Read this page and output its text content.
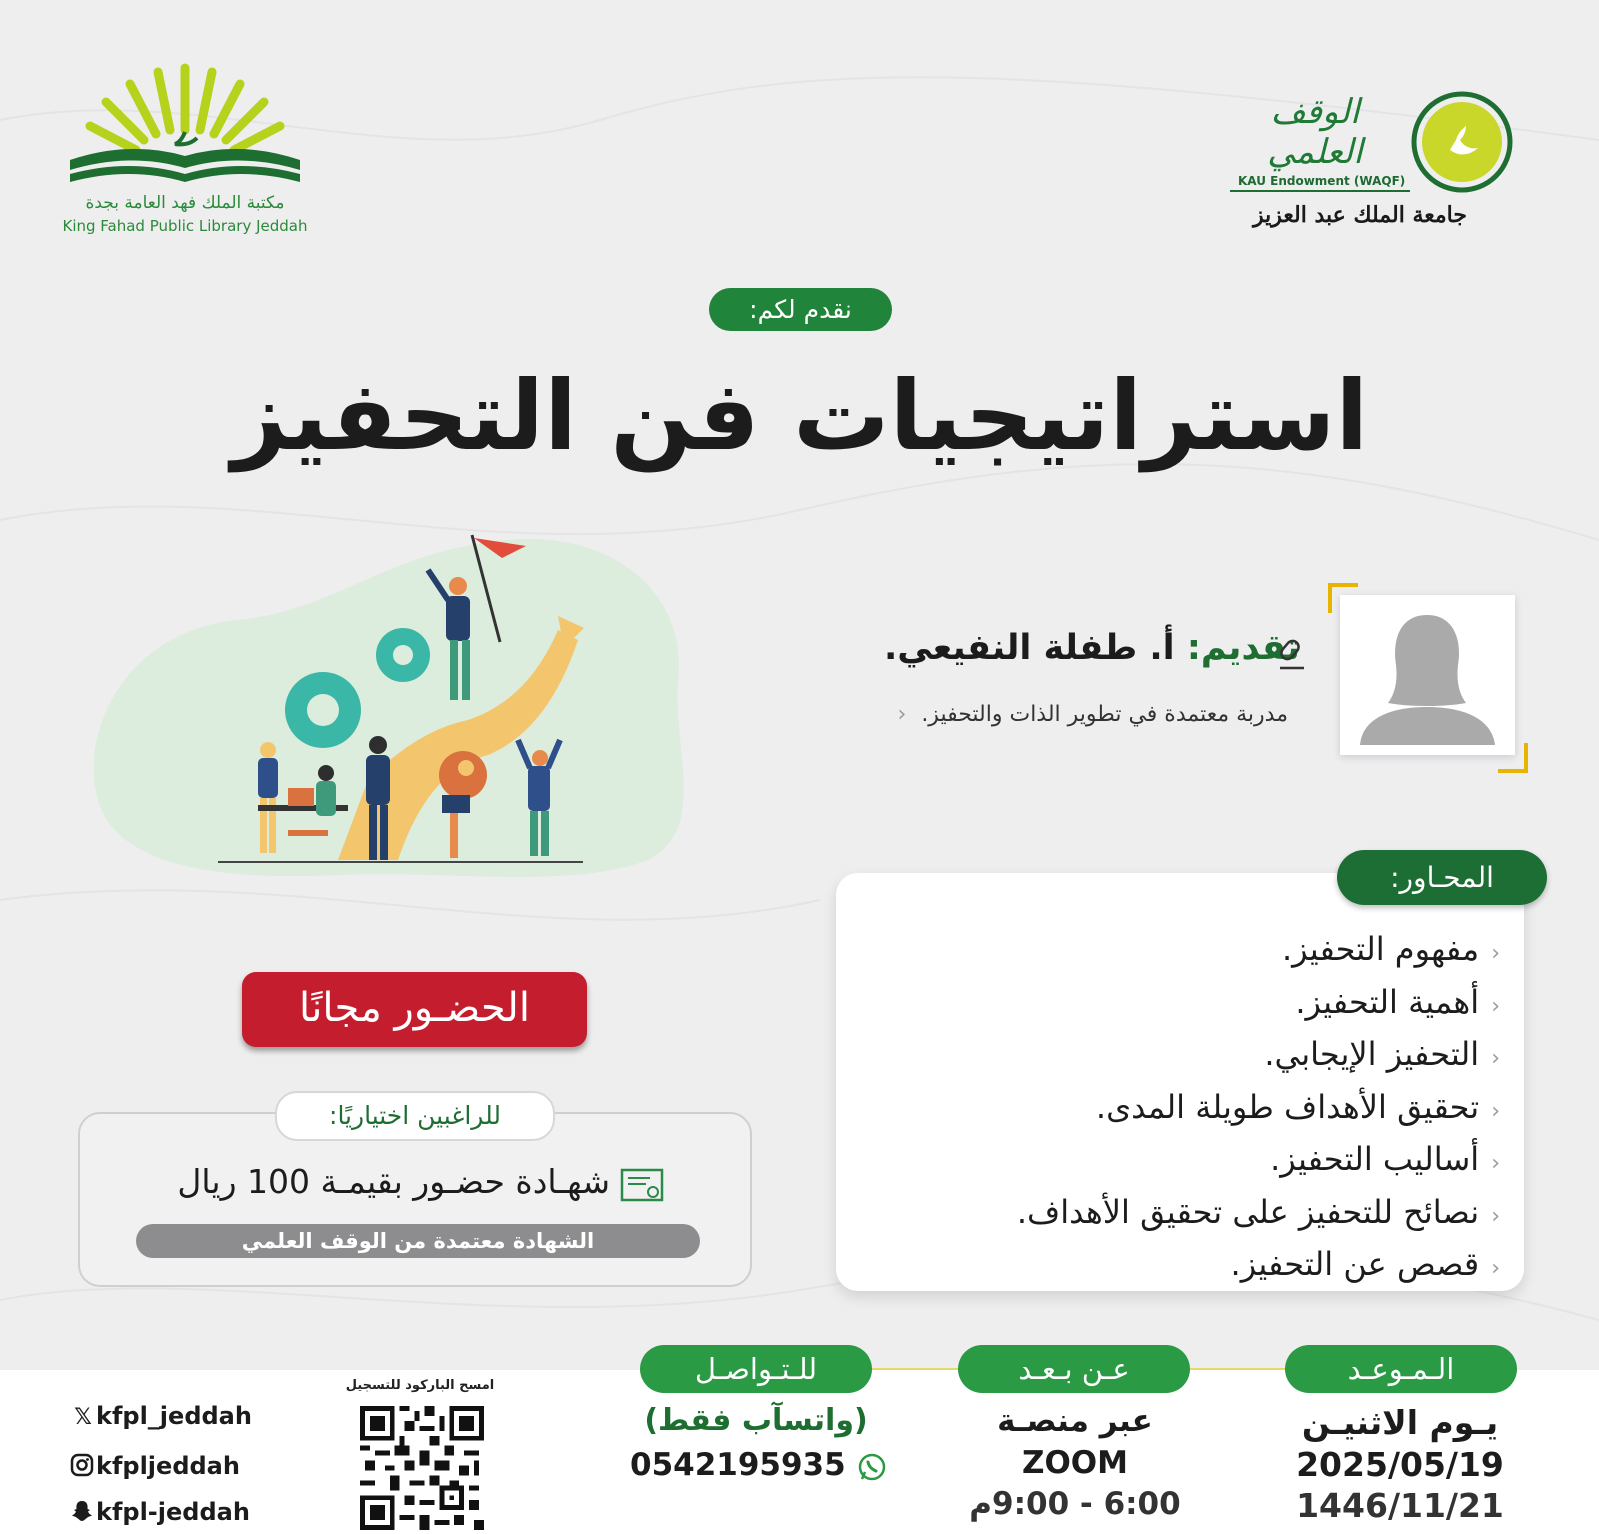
مكتبة الملك فهد العامة بجدة
King Fahad Public Library Jeddah
الوقف العلمي
KAU Endowment (WAQF)
جامعة الملك عبد العزيز
نقدم لكم:
استراتيجيات فن التحفيز
تقديم: أ. طفلة النفيعي.
مدربة معتمدة في تطوير الذات والتحفيز. ‹
المحـاور:
‹مفهوم التحفيز.
‹أهمية التحفيز.
‹التحفيز الإيجابي.
‹تحقيق الأهداف طويلة المدى.
‹أساليب التحفيز.
‹نصائح للتحفيز على تحقيق الأهداف.
‹قصص عن التحفيز.
الحضـور مجانًا
للراغبين اختياريًا:
شهـادة حضـور بقيمـة 100 ريال
الشهادة معتمدة من الوقف العلمي
الـمـوعـد
يـوم الاثنيـن
2025/05/19
1446/11/21
عـن بـعـد
عبر منصـة
ZOOM
6:00 - 9:00م
للـتـواصـل
(واتسآب فقط)
0542195935
امسح الباركود للتسجيل
𝕏 kfpl_jeddah
kfpljeddah
kfpl-jeddah
